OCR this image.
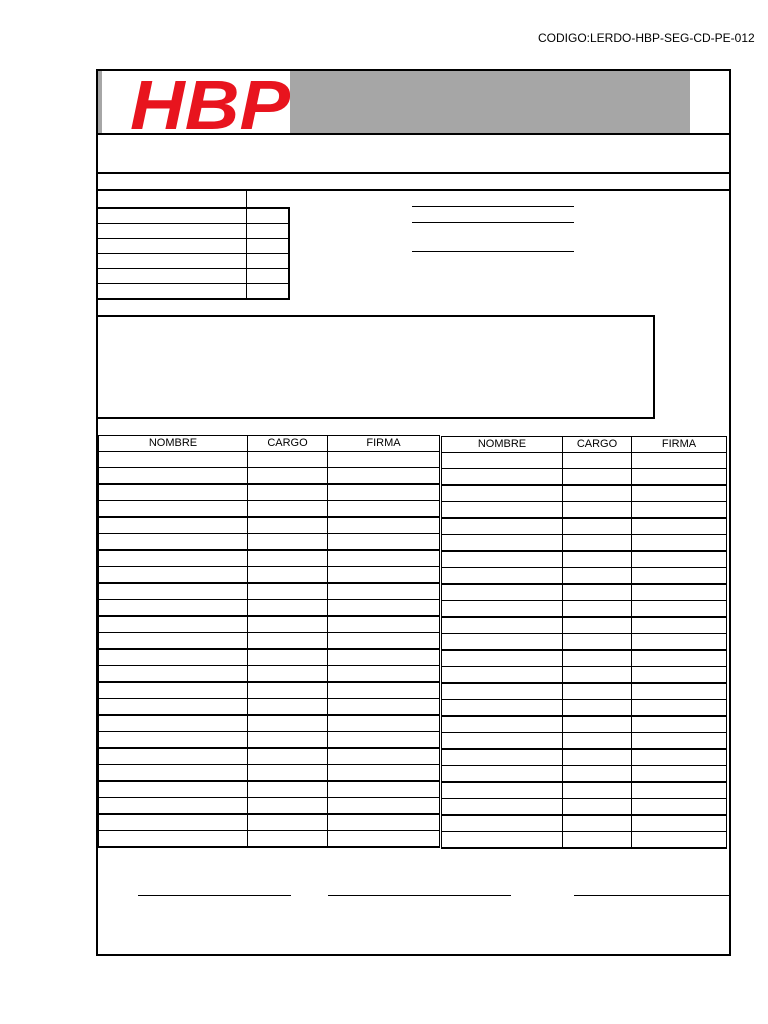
CODIGO:LERDO-HBP-SEG-CD-PE-012
HBP
NOMBRE	CARGO	FIRMA

			NOMBRE	CARGO	FIRMA
